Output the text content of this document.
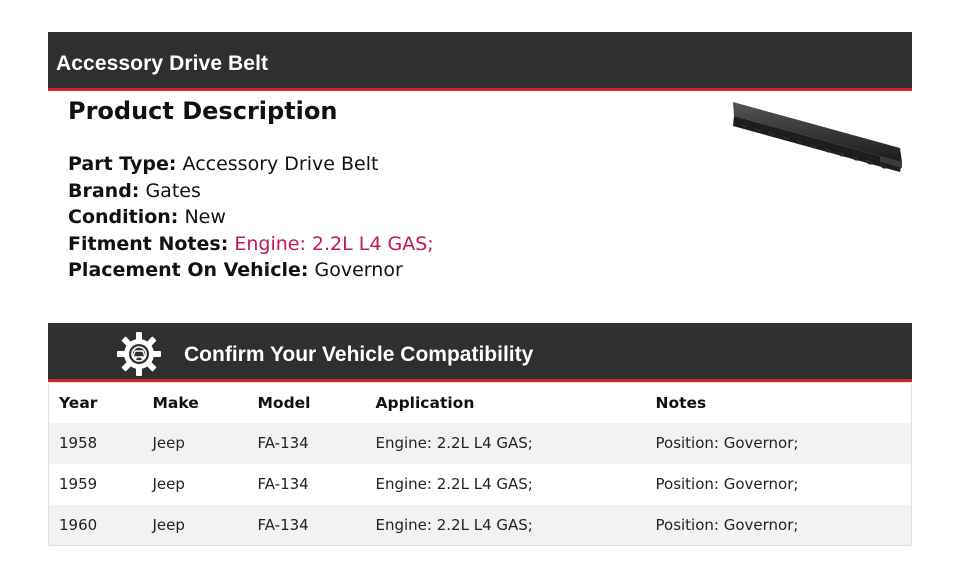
Accessory Drive Belt
Product Description
Part Type: Accessory Drive Belt
Brand: Gates
Condition: New
Fitment Notes: Engine: 2.2L L4 GAS;
Placement On Vehicle: Governor
Confirm Your Vehicle Compatibility
Year	Make	Model	Application	Notes
1958	Jeep	FA-134	Engine: 2.2L L4 GAS;	Position: Governor;
1959	Jeep	FA-134	Engine: 2.2L L4 GAS;	Position: Governor;
1960	Jeep	FA-134	Engine: 2.2L L4 GAS;	Position: Governor;
